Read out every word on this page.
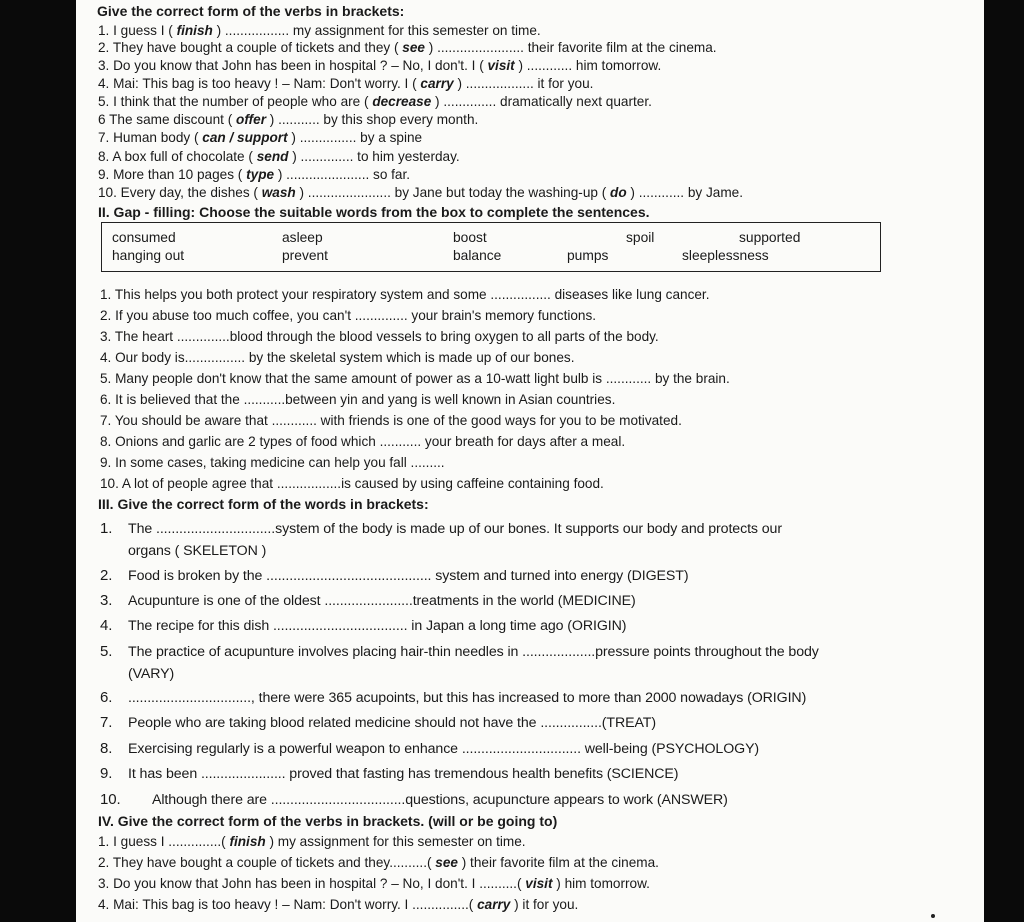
Give the correct form of the verbs in brackets:
1. I guess I ( finish ) ................. my assignment for this semester on time.
2. They have bought a couple of tickets and they ( see ) ....................... their favorite film at the cinema.
3. Do you know that John has been in hospital ? – No, I don't. I ( visit ) ............ him tomorrow.
4. Mai: This bag is too heavy ! – Nam: Don't worry. I ( carry ) .................. it for you.
5. I think that the number of people who are ( decrease ) .............. dramatically next quarter.
6 The same discount ( offer ) ........... by this shop every month.
7. Human body ( can / support ) ............... by a spine
8. A box full of chocolate ( send ) .............. to him yesterday.
9. More than 10 pages ( type ) ...................... so far.
10. Every day, the dishes ( wash ) ...................... by Jane but today the washing-up ( do ) ............ by Jame.
II. Gap - filling: Choose the suitable words from the box to complete the sentences.
consumed	asleep	boost	spoil	supported
hanging out	prevent	balance	pumps	sleeplessness
1. This helps you both protect your respiratory system and some ................ diseases like lung cancer.
2. If you abuse too much coffee, you can't .............. your brain's memory functions.
3. The heart ..............blood through the blood vessels to bring oxygen to all parts of the body.
4. Our body is................ by the skeletal system which is made up of our bones.
5. Many people don't know that the same amount of power as a 10-watt light bulb is ............ by the brain.
6. It is believed that the ...........between yin and yang is well known in Asian countries.
7. You should be aware that ............ with friends is one of the good ways for you to be motivated.
8. Onions and garlic are 2 types of food which ........... your breath for days after a meal.
9. In some cases, taking medicine can help you fall .........
10. A lot of people agree that .................is caused by using caffeine containing food.
III. Give the correct form of the words in brackets:
1. The ...............................system of the body is made up of our bones. It supports our body and protects our
organs ( SKELETON )
2. Food is broken by the ........................................... system and turned into energy (DIGEST)
3. Acupunture is one of the oldest .......................treatments in the world (MEDICINE)
4. The recipe for this dish ................................... in Japan a long time ago (ORIGIN)
5. The practice of acupunture involves placing hair-thin needles in ...................pressure points throughout the body
(VARY)
6. ................................, there were 365 acupoints, but this has increased to more than 2000 nowadays (ORIGIN)
7. People who are taking blood related medicine should not have the ................(TREAT)
8. Exercising regularly is a powerful weapon to enhance ............................... well-being (PSYCHOLOGY)
9. It has been ...................... proved that fasting has tremendous health benefits (SCIENCE)
10. Although there are ...................................questions, acupuncture appears to work (ANSWER)
IV. Give the correct form of the verbs in brackets. (will or be going to)
1. I guess I ..............( finish ) my assignment for this semester on time.
2. They have bought a couple of tickets and they..........( see ) their favorite film at the cinema.
3. Do you know that John has been in hospital ? – No, I don't. I ..........( visit ) him tomorrow.
4. Mai: This bag is too heavy ! – Nam: Don't worry. I ...............( carry ) it for you.
